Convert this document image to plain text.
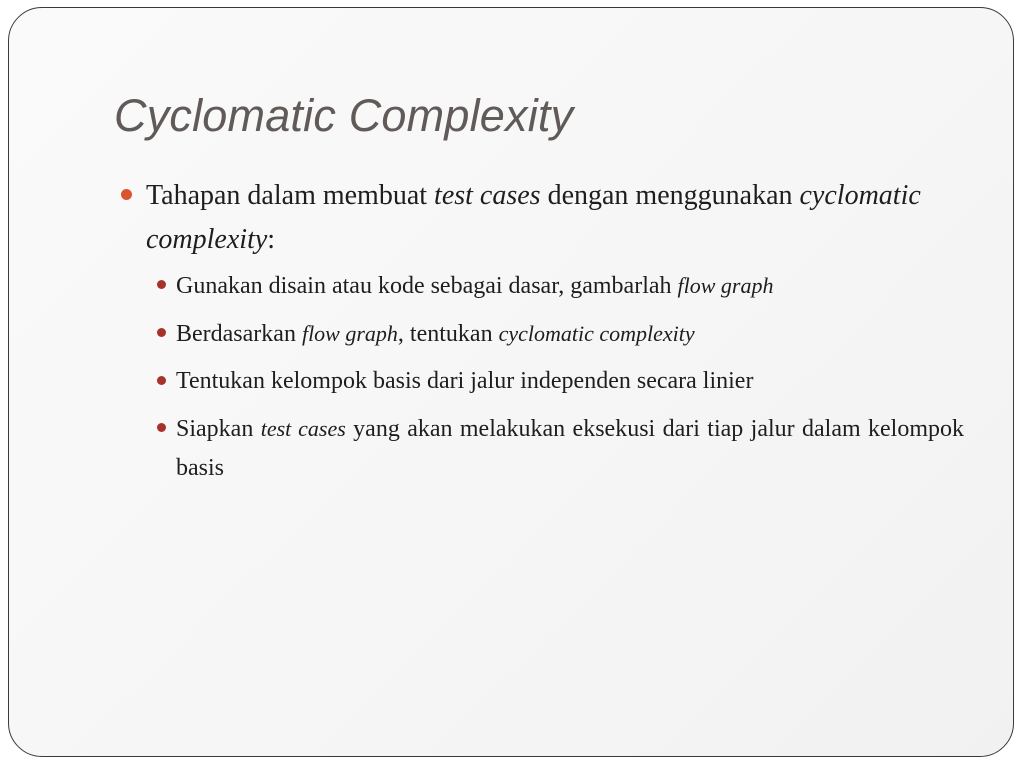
Cyclomatic Complexity

Tahapan dalam membuat test cases dengan menggunakan cyclomatic complexity:

Gunakan disain atau kode sebagai dasar, gambarlah flow graph
Berdasarkan flow graph, tentukan cyclomatic complexity
Tentukan kelompok basis dari jalur independen secara linier
Siapkan test cases yang akan melakukan eksekusi dari tiap jalur dalam kelompok basis
